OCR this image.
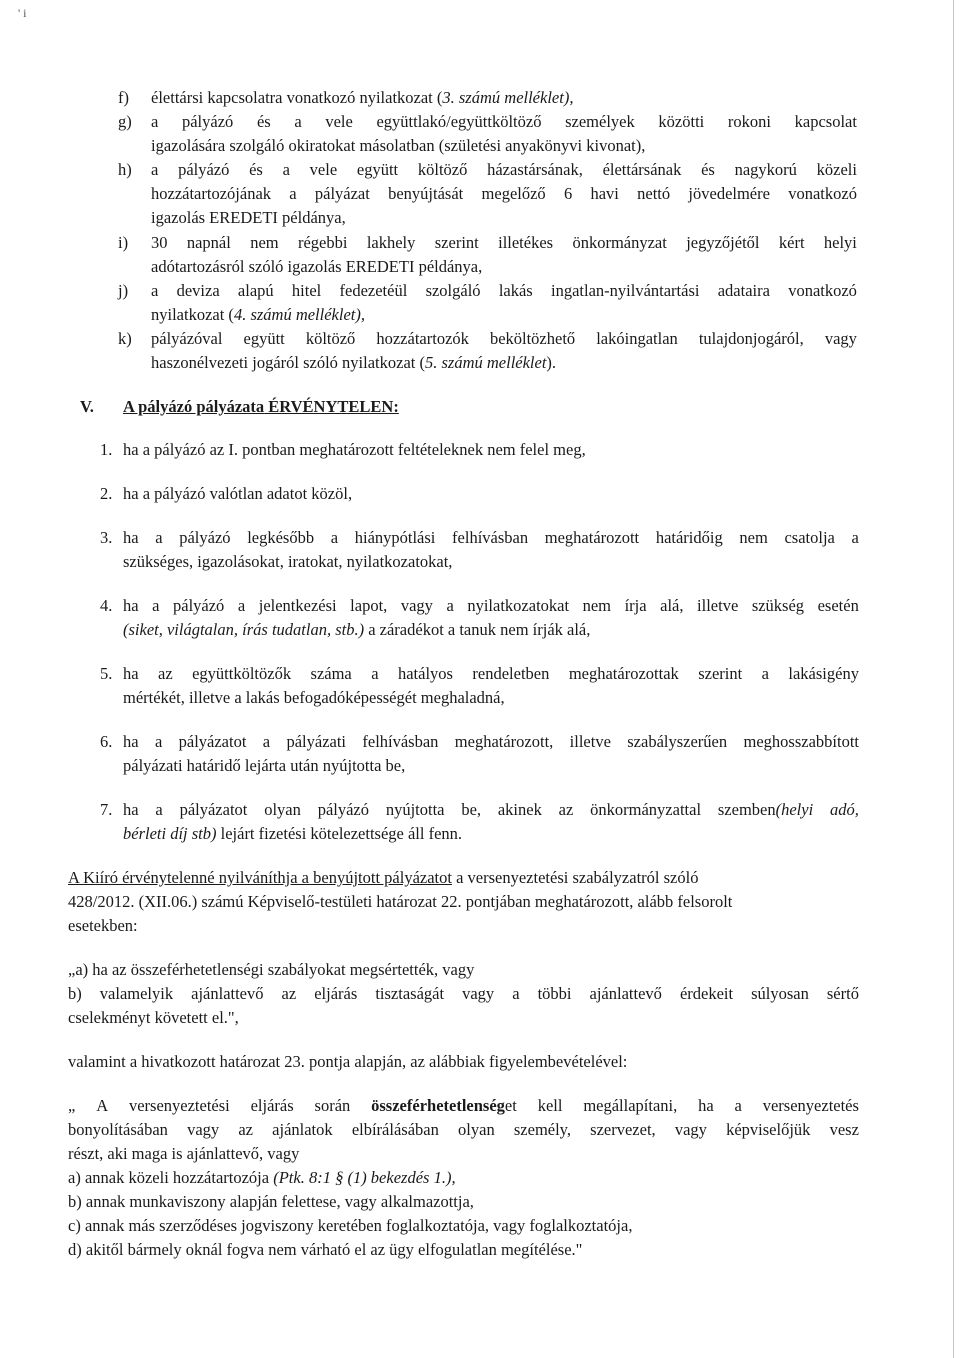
' i
f) élettársi kapcsolatra vonatkozó nyilatkozat (3. számú melléklet),
g) a pályázó és a vele együttlakó/együttköltöző személyek közötti rokoni kapcsolat
igazolására szolgáló okiratokat másolatban (születési anyakönyvi kivonat),
h) a pályázó és a vele együtt költöző házastársának, élettársának és nagykorú közeli
hozzátartozójának a pályázat benyújtását megelőző 6 havi nettó jövedelmére vonatkozó
igazolás EREDETI példánya,
i) 30 napnál nem régebbi lakhely szerint illetékes önkormányzat jegyzőjétől kért helyi
adótartozásról szóló igazolás EREDETI példánya,
j) a deviza alapú hitel fedezetéül szolgáló lakás ingatlan-nyilvántartási adataira vonatkozó
nyilatkozat (4. számú melléklet),
k) pályázóval együtt költöző hozzátartozók beköltözhető lakóingatlan tulajdonjogáról, vagy
haszonélvezeti jogáról szóló nyilatkozat (5. számú melléklet).
V. A pályázó pályázata ÉRVÉNYTELEN:
1. ha a pályázó az I. pontban meghatározott feltételeknek nem felel meg,
2. ha a pályázó valótlan adatot közöl,
3. ha a pályázó legkésőbb a hiánypótlási felhívásban meghatározott határidőig nem csatolja a
szükséges, igazolásokat, iratokat, nyilatkozatokat,
4. ha a pályázó a jelentkezési lapot, vagy a nyilatkozatokat nem írja alá, illetve szükség esetén
(siket, világtalan, írás tudatlan, stb.) a záradékot a tanuk nem írják alá,
5. ha az együttköltözők száma a hatályos rendeletben meghatározottak szerint a lakásigény
mértékét, illetve a lakás befogadóképességét meghaladná,
6. ha a pályázatot a pályázati felhívásban meghatározott, illetve szabályszerűen meghosszabbított
pályázati határidő lejárta után nyújtotta be,
7. ha a pályázatot olyan pályázó nyújtotta be, akinek az önkormányzattal szemben(helyi adó,
bérleti díj stb) lejárt fizetési kötelezettsége áll fenn.
A Kiíró érvénytelenné nyilváníthja a benyújtott pályázatot a versenyeztetési szabályzatról szóló
428/2012. (XII.06.) számú Képviselő-testületi határozat 22. pontjában meghatározott, alább felsorolt
esetekben:
„a) ha az összeférhetetlenségi szabályokat megsértették, vagy
b) valamelyik ajánlattevő az eljárás tisztaságát vagy a többi ajánlattevő érdekeit súlyosan sértő
cselekményt követett el.",
valamint a hivatkozott határozat 23. pontja alapján, az alábbiak figyelembevételével:
„ A versenyeztetési eljárás során összeférhetetlenséget kell megállapítani, ha a versenyeztetés
bonyolításában vagy az ajánlatok elbírálásában olyan személy, szervezet, vagy képviselőjük vesz
részt, aki maga is ajánlattevő, vagy
a) annak közeli hozzátartozója (Ptk. 8:1 § (1) bekezdés 1.),
b) annak munkaviszony alapján felettese, vagy alkalmazottja,
c) annak más szerződéses jogviszony keretében foglalkoztatója, vagy foglalkoztatója,
d) akitől bármely oknál fogva nem várható el az ügy elfogulatlan megítélése."
